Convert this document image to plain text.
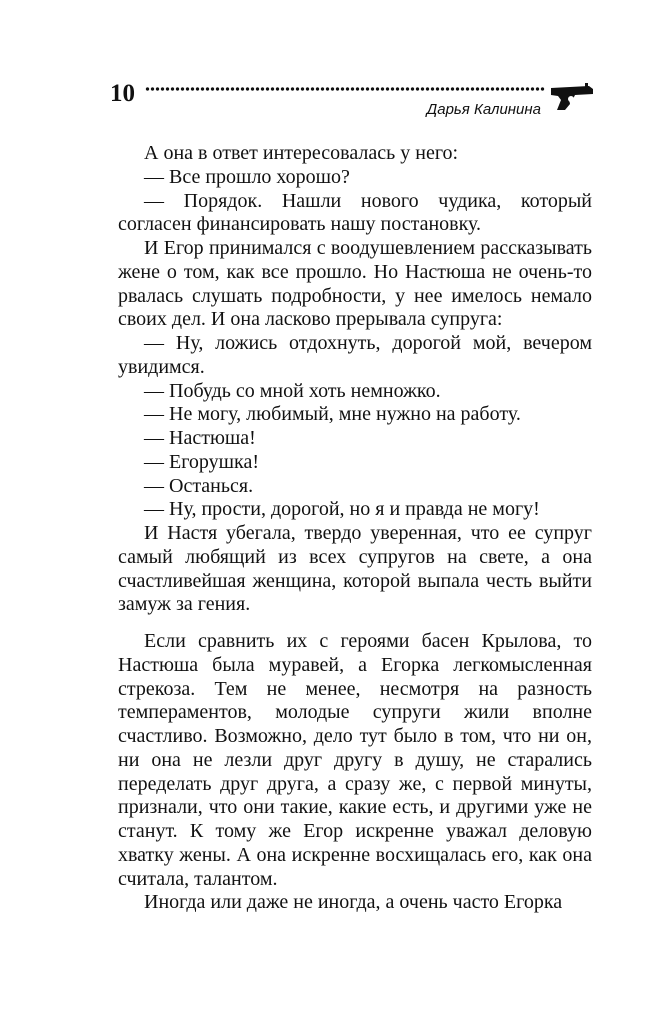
10
Дарья Калинина

А она в ответ интересовалась у него:

— Все прошло хорошо?

— Порядок. Нашли нового чудика, который согласен финансировать нашу постановку.

И Егор принимался с воодушевлением рассказывать жене о том, как все прошло. Но Настюша не очень-то рвалась слушать подробности, у нее имелось немало своих дел. И она ласково прерывала супруга:

— Ну, ложись отдохнуть, дорогой мой, вечером увидимся.

— Побудь со мной хоть немножко.

— Не могу, любимый, мне нужно на работу.

— Настюша!

— Егорушка!

— Останься.

— Ну, прости, дорогой, но я и правда не могу!

И Настя убегала, твердо уверенная, что ее супруг самый любящий из всех супругов на свете, а она счастливейшая женщина, которой выпала честь выйти замуж за гения.

Если сравнить их с героями басен Крылова, то Настюша была муравей, а Егорка легкомысленная стрекоза. Тем не менее, несмотря на разность темпераментов, молодые супруги жили вполне счастливо. Возможно, дело тут было в том, что ни он, ни она не лезли друг другу в душу, не старались переделать друг друга, а сразу же, с первой минуты, признали, что они такие, какие есть, и другими уже не станут. К тому же Егор искренне уважал деловую хватку жены. А она искренне восхищалась его, как она считала, талантом.

Иногда или даже не иногда, а очень часто Егорка
